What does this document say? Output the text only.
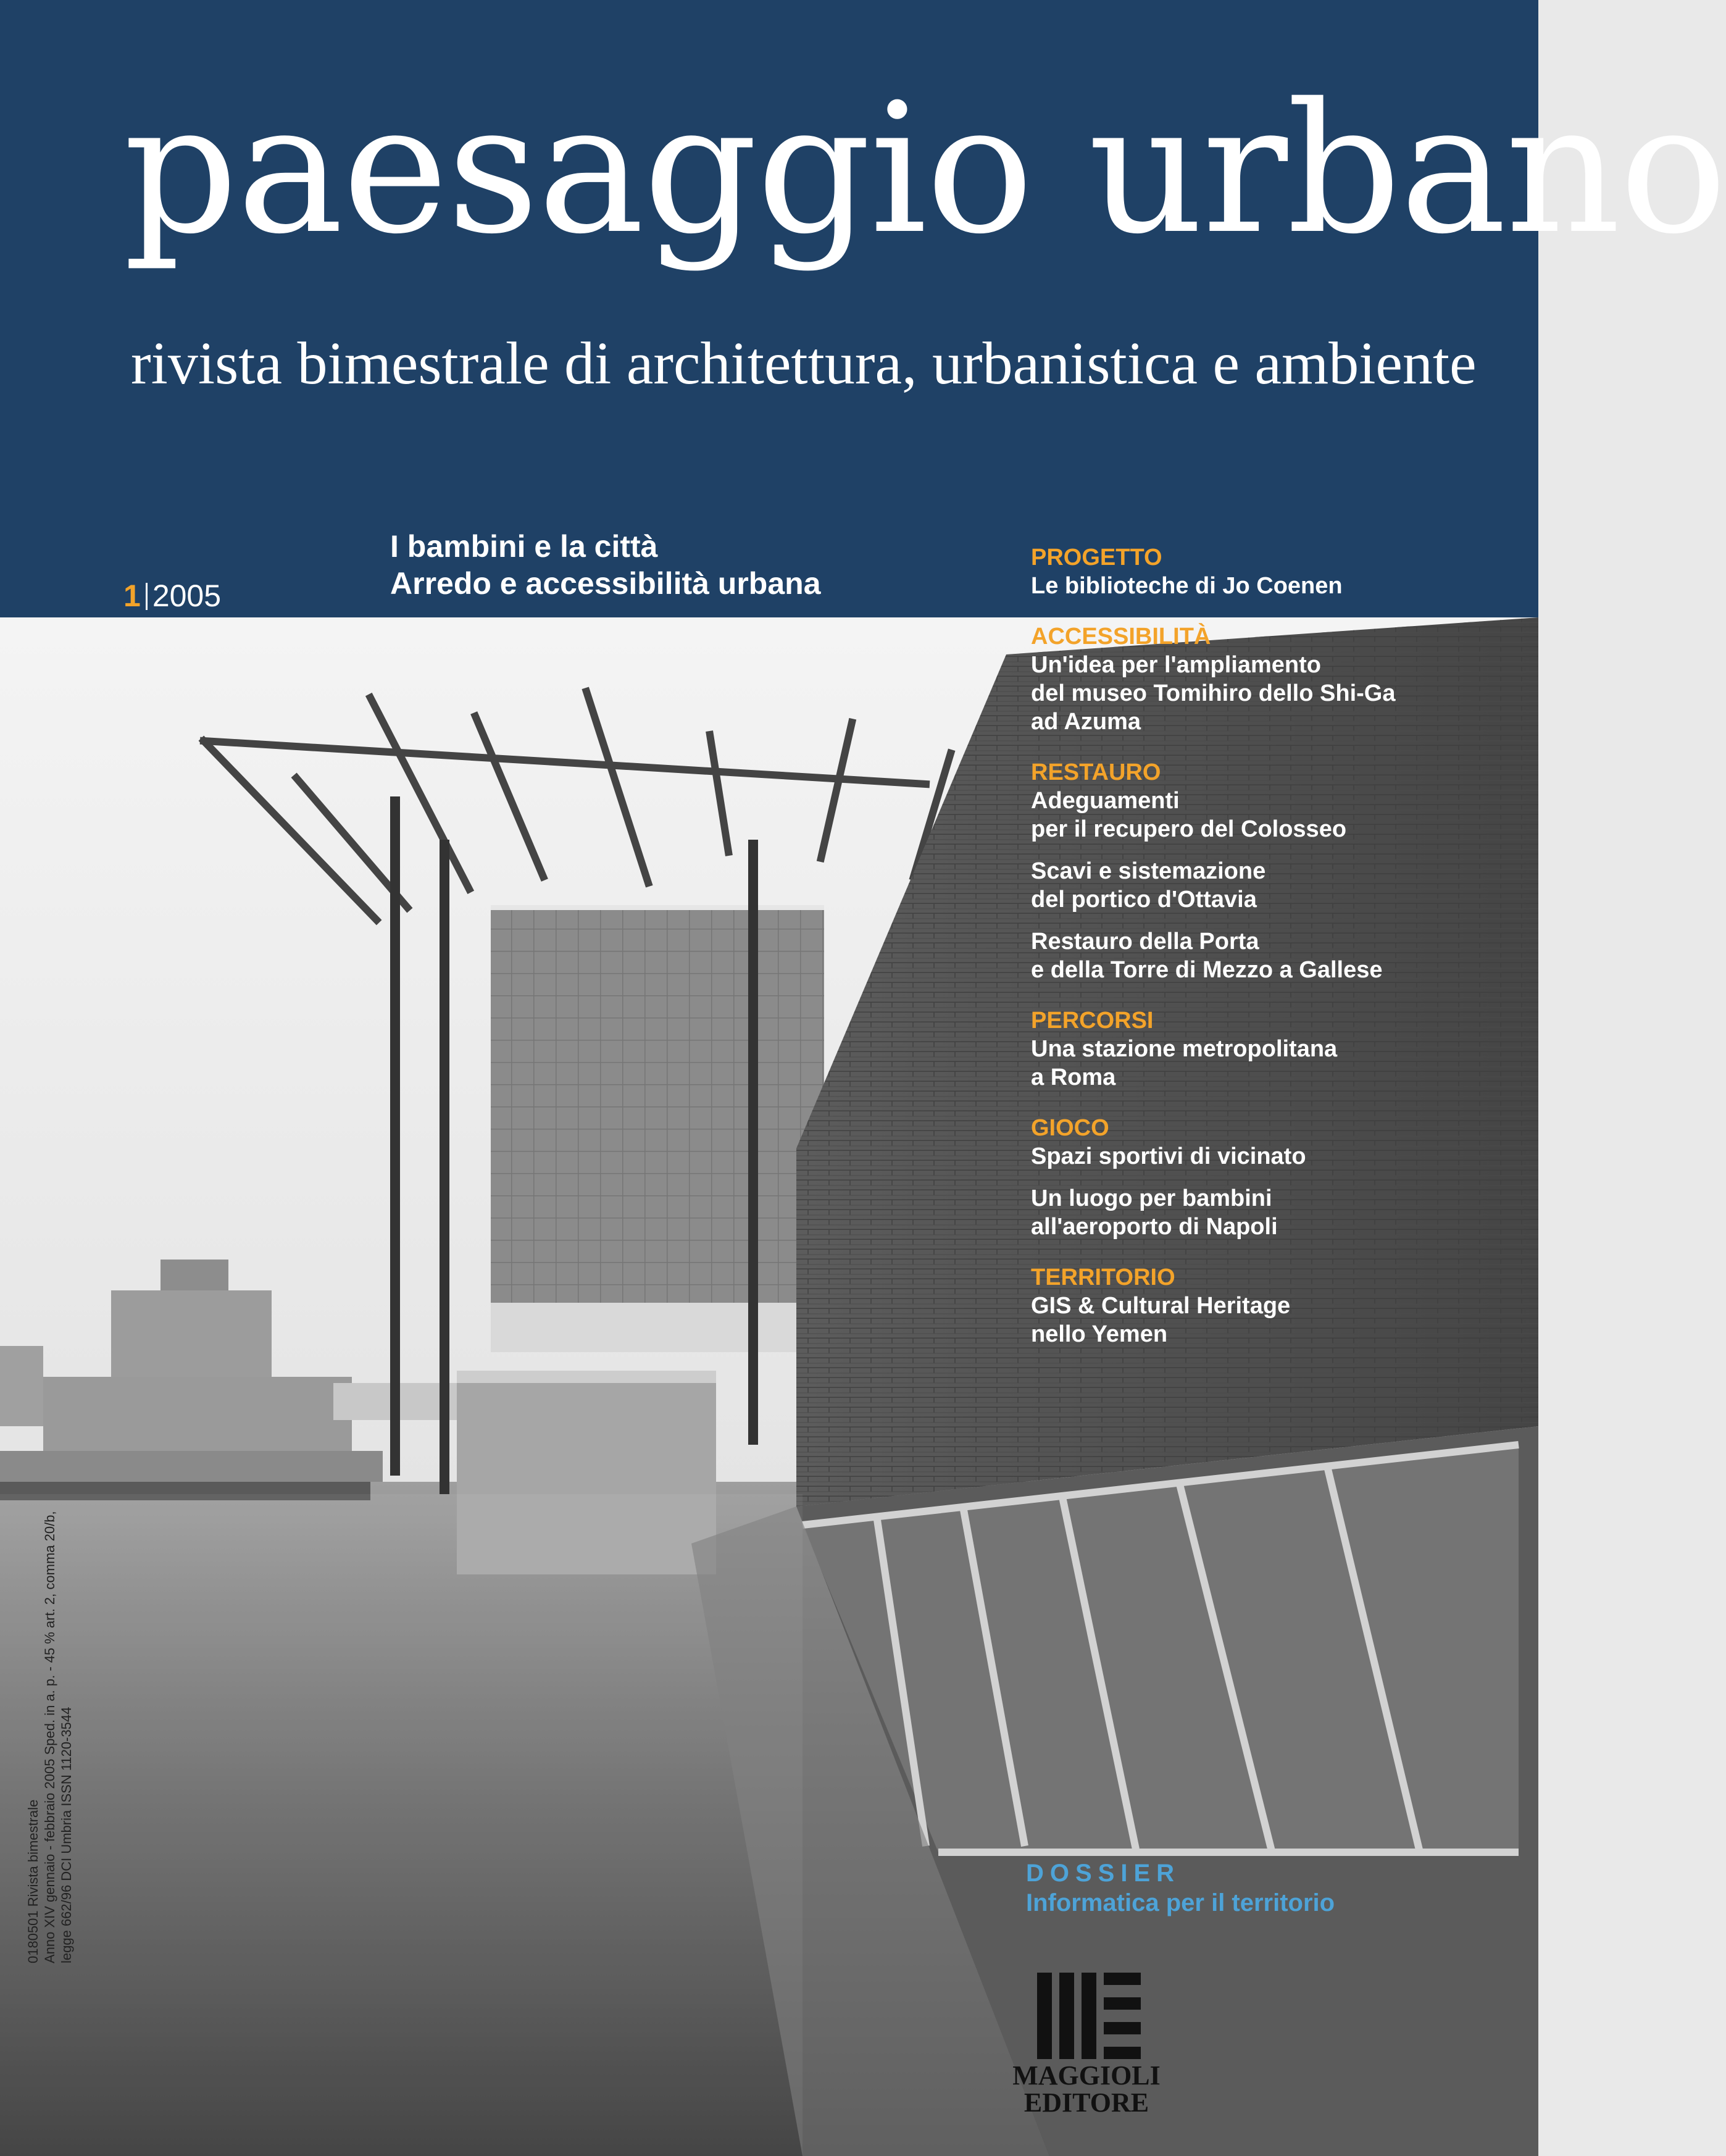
paesaggio urbano

rivista bimestrale di architettura, urbanistica e ambiente

1 2005
I bambini e la città
Arredo e accessibilità urbana
PROGETTO
Le biblioteche di Jo Coenen
ACCESSIBILITÀ
Un'idea per l'ampliamento
del museo Tomihiro dello Shi-Ga
ad Azuma
RESTAURO
Adeguamenti
per il recupero del Colosseo
Scavi e sistemazione
del portico d'Ottavia
Restauro della Porta
e della Torre di Mezzo a Gallese
PERCORSI
Una stazione metropolitana
a Roma
GIOCO
Spazi sportivi di vicinato
Un luogo per bambini
all'aeroporto di Napoli
TERRITORIO
GIS & Cultural Heritage
nello Yemen
DOSSIER
Informatica per il territorio
MAGGIOLI
EDITORE
0180501 Rivista bimestrale legge 662/96 DCI Umbria ISSN 1120-3544
